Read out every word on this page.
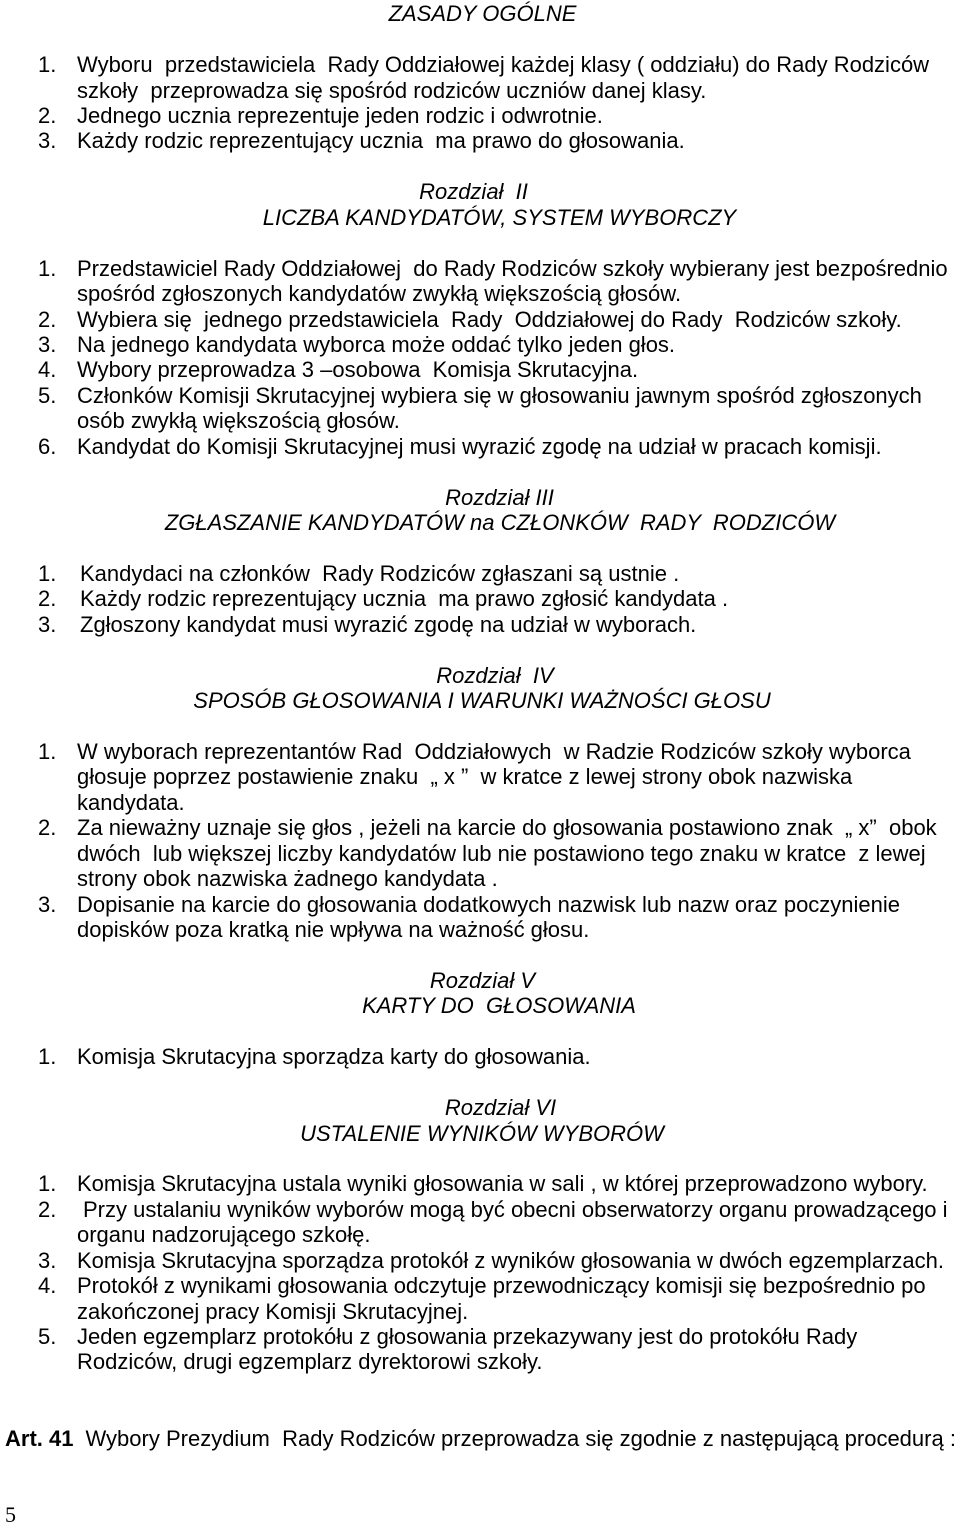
ZASADY OGÓLNE
1. Wyboru  przedstawiciela  Rady Oddziałowej każdej klasy ( oddziału) do Rady Rodziców
szkoły  przeprowadza się spośród rodziców uczniów danej klasy.
2. Jednego ucznia reprezentuje jeden rodzic i odwrotnie.
3. Każdy rodzic reprezentujący ucznia  ma prawo do głosowania.
Rozdział  II
LICZBA KANDYDATÓW, SYSTEM WYBORCZY
1. Przedstawiciel Rady Oddziałowej  do Rady Rodziców szkoły wybierany jest bezpośrednio
spośród zgłoszonych kandydatów zwykłą większością głosów.
2. Wybiera się  jednego przedstawiciela  Rady  Oddziałowej do Rady  Rodziców szkoły.
3. Na jednego kandydata wyborca może oddać tylko jeden głos.
4. Wybory przeprowadza 3 –osobowa  Komisja Skrutacyjna.
5. Członków Komisji Skrutacyjnej wybiera się w głosowaniu jawnym spośród zgłoszonych
osób zwykłą większością głosów.
6. Kandydat do Komisji Skrutacyjnej musi wyrazić zgodę na udział w pracach komisji.
Rozdział III
ZGŁASZANIE KANDYDATÓW na CZŁONKÓW  RADY  RODZICÓW
1. Kandydaci na członków  Rady Rodziców zgłaszani są ustnie .
2. Każdy rodzic reprezentujący ucznia  ma prawo zgłosić kandydata .
3. Zgłoszony kandydat musi wyrazić zgodę na udział w wyborach.
Rozdział  IV
SPOSÓB GŁOSOWANIA I WARUNKI WAŻNOŚCI GŁOSU
1. W wyborach reprezentantów Rad  Oddziałowych  w Radzie Rodziców szkoły wyborca
głosuje poprzez postawienie znaku  „ x ”  w kratce z lewej strony obok nazwiska
kandydata.
2. Za nieważny uznaje się głos , jeżeli na karcie do głosowania postawiono znak  „ x”  obok
dwóch  lub większej liczby kandydatów lub nie postawiono tego znaku w kratce  z lewej
strony obok nazwiska żadnego kandydata .
3. Dopisanie na karcie do głosowania dodatkowych nazwisk lub nazw oraz poczynienie
dopisków poza kratką nie wpływa na ważność głosu.
Rozdział V
KARTY DO  GŁOSOWANIA
1. Komisja Skrutacyjna sporządza karty do głosowania.
Rozdział VI
USTALENIE WYNIKÓW WYBORÓW
1. Komisja Skrutacyjna ustala wyniki głosowania w sali , w której przeprowadzono wybory.
2. Przy ustalaniu wyników wyborów mogą być obecni obserwatorzy organu prowadzącego i
organu nadzorującego szkołę.
3. Komisja Skrutacyjna sporządza protokół z wyników głosowania w dwóch egzemplarzach.
4. Protokół z wynikami głosowania odczytuje przewodniczący komisji się bezpośrednio po
zakończonej pracy Komisji Skrutacyjnej.
5. Jeden egzemplarz protokółu z głosowania przekazywany jest do protokółu Rady
Rodziców, drugi egzemplarz dyrektorowi szkoły.
Art. 41 Wybory Prezydium  Rady Rodziców przeprowadza się zgodnie z następującą procedurą :
5
